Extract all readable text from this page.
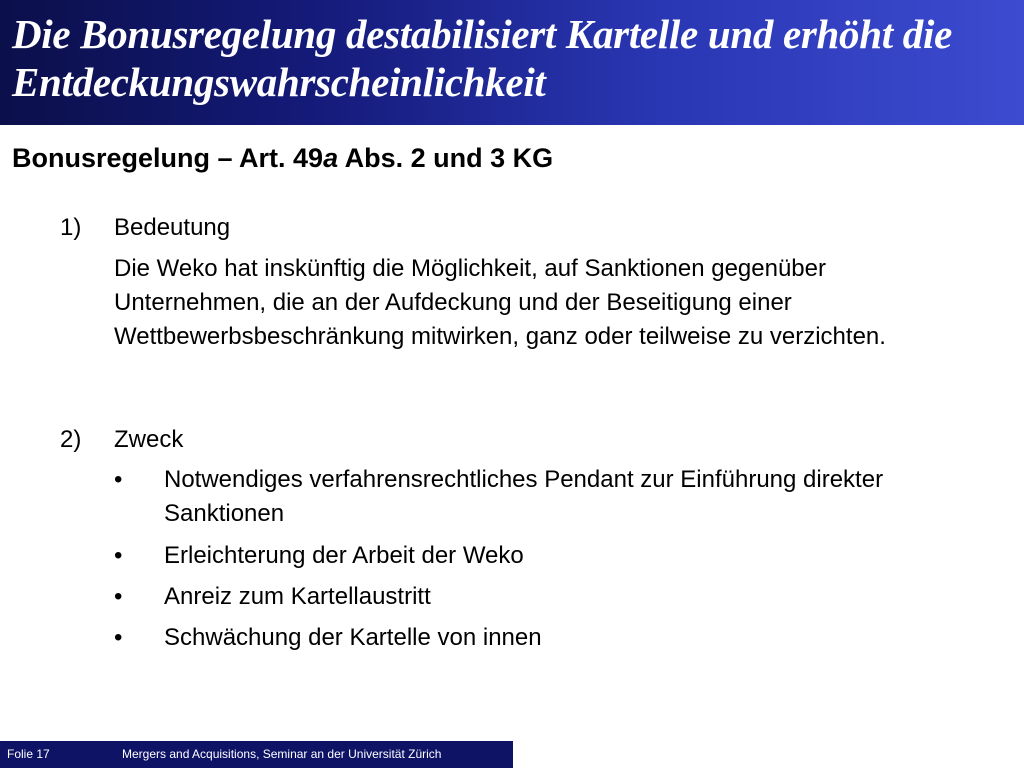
Die Bonusregelung destabilisiert Kartelle und erhöht die Entdeckungswahrscheinlichkeit
Bonusregelung – Art. 49a Abs. 2 und 3 KG
1) Bedeutung

Die Weko hat inskünftig die Möglichkeit, auf Sanktionen gegenüber Unternehmen, die an der Aufdeckung und der Beseitigung einer Wettbewerbsbeschränkung mitwirken, ganz oder teilweise zu verzichten.

2) Zweck
• Notwendiges verfahrensrechtliches Pendant zur Einführung direkter Sanktionen
• Erleichterung der Arbeit der Weko
• Anreiz zum Kartellaustritt
• Schwächung der Kartelle von innen
Folie 17	Mergers and Acquisitions, Seminar an der Universität Zürich
